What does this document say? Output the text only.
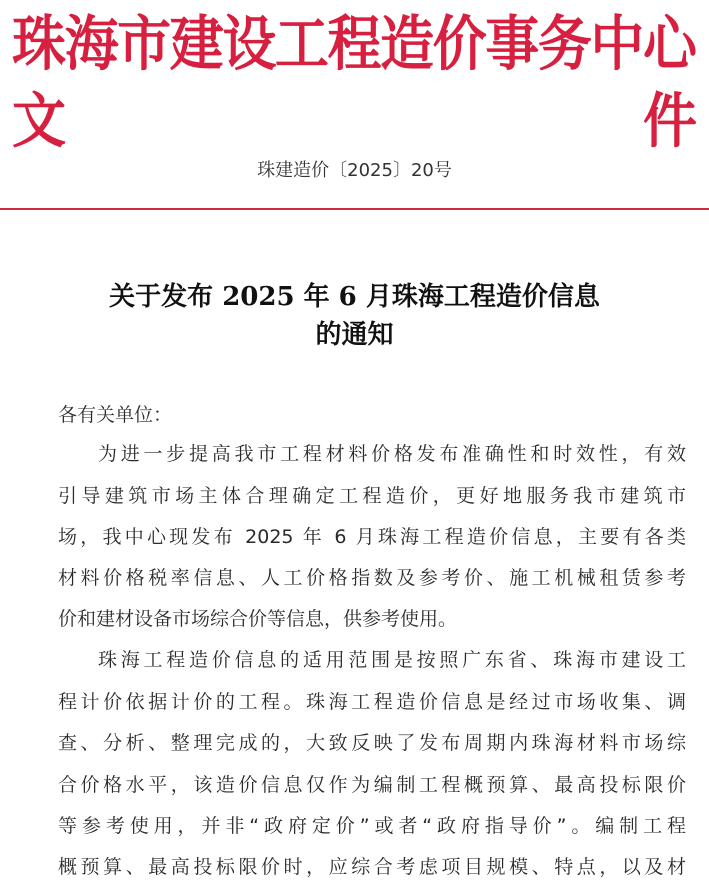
珠海市建设工程造价事务中心文件
珠建造价〔2025〕20号
关于发布 2025 年 6 月珠海工程造价信息
的通知
各有关单位：
为进一步提高我市工程材料价格发布准确性和时效性，有效
引导建筑市场主体合理确定工程造价，更好地服务我市建筑市
场，我中心现发布 2025 年 6 月珠海工程造价信息，主要有各类
材料价格税率信息、人工价格指数及参考价、施工机械租赁参考
价和建材设备市场综合价等信息，供参考使用。
珠海工程造价信息的适用范围是按照广东省、珠海市建设工
程计价依据计价的工程。珠海工程造价信息是经过市场收集、调
查、分析、整理完成的，大致反映了发布周期内珠海材料市场综
合价格水平，该造价信息仅作为编制工程概预算、最高投标限价
等参考使用，并非“政府定价”或者“政府指导价”。编制工程
概预算、最高投标限价时，应综合考虑项目规模、特点，以及材
